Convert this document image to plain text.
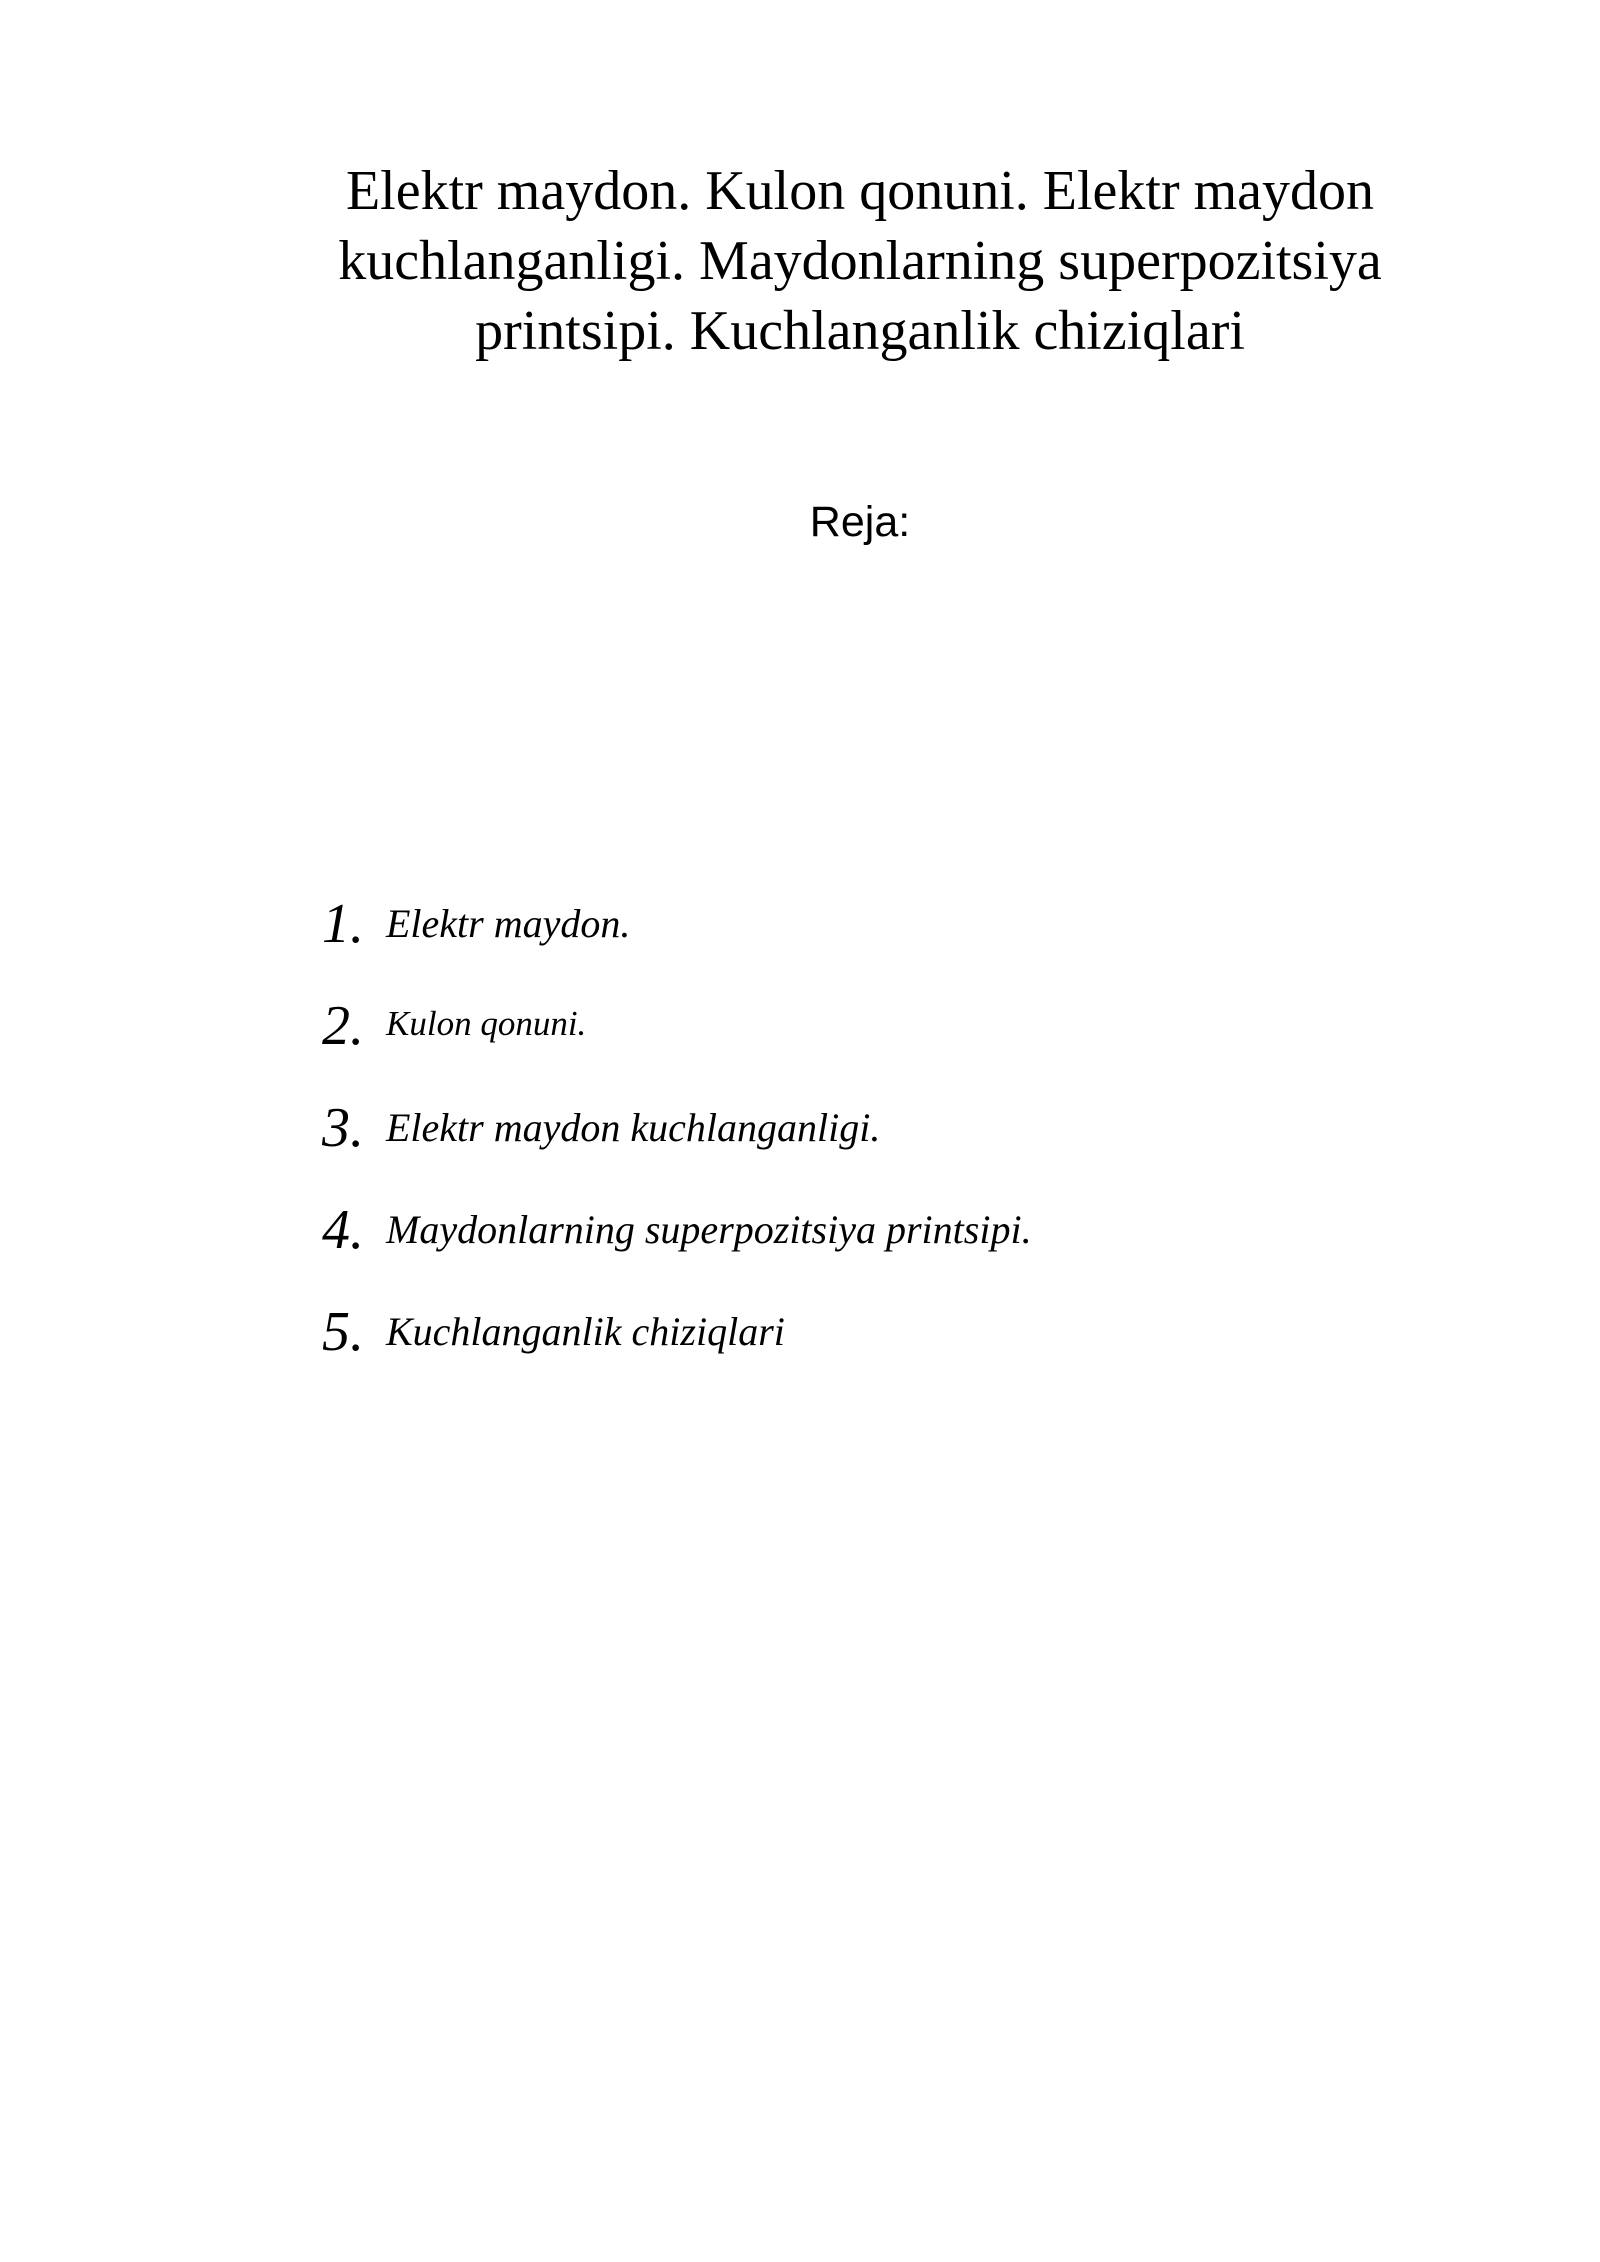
Elektr maydon. Kulon qonuni. Elektr maydon
kuchlanganligi. Maydonlarning superpozitsiya
printsipi. Kuchlanganlik chiziqlari
Reja:
1. Elektr maydon.
2. Kulon qonuni.
3. Elektr maydon kuchlanganligi.
4. Maydonlarning superpozitsiya printsipi.
5. Kuchlanganlik chiziqlari
